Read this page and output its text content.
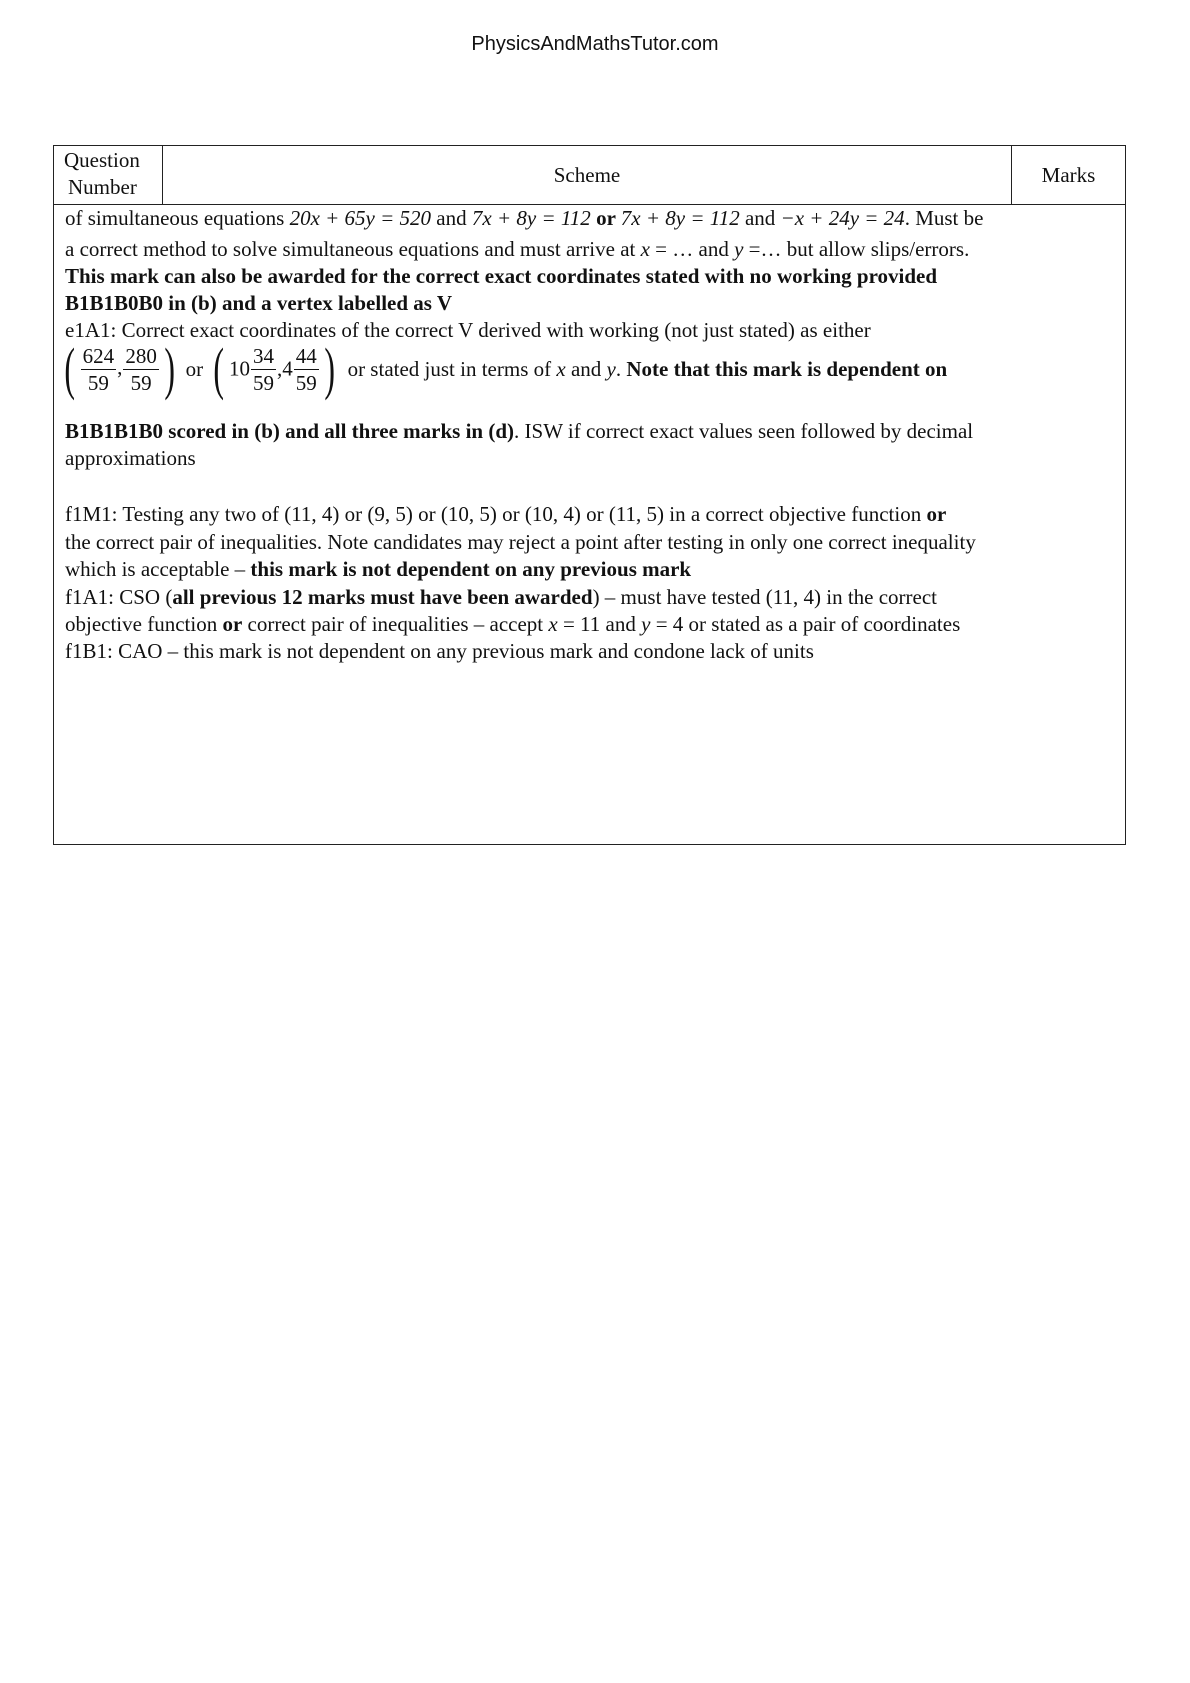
PhysicsAndMathsTutor.com
Question
Number	Scheme	Marks
of simultaneous equations 20x + 65y = 520 and 7x + 8y = 112 or 7x + 8y = 112 and −x + 24y = 24. Must be
a correct method to solve simultaneous equations and must arrive at x = … and y =… but allow slips/errors.
This mark can also be awarded for the correct exact coordinates stated with no working provided
B1B1B0B0 in (b) and a vertex labelled as V
e1A1: Correct exact coordinates of the correct V derived with working (not just stated) as either
( $\frac{624}{59}$ , $\frac{280}{59}$ ) or ( $10 \frac{34}{59} ,4 \frac{44}{59}$ ) or stated just in terms of x and y. Note that this mark is dependent on
B1B1B1B0 scored in (b) and all three marks in (d). ISW if correct exact values seen followed by decimal
approximations
f1M1: Testing any two of (11, 4) or (9, 5) or (10, 5) or (10, 4) or (11, 5) in a correct objective function or
the correct pair of inequalities. Note candidates may reject a point after testing in only one correct inequality
which is acceptable – this mark is not dependent on any previous mark
f1A1: CSO (all previous 12 marks must have been awarded) – must have tested (11, 4) in the correct
objective function or correct pair of inequalities – accept x = 11 and y = 4 or stated as a pair of coordinates
f1B1: CAO – this mark is not dependent on any previous mark and condone lack of units
